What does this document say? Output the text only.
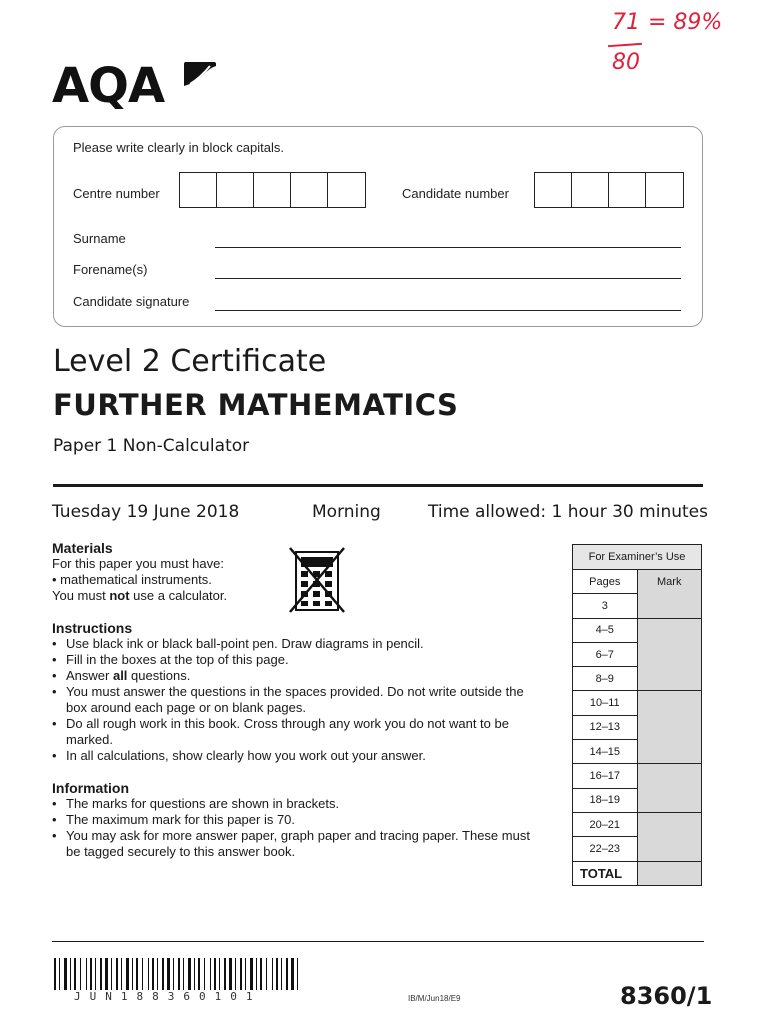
71 = 89%
80
AQA
Please write clearly in block capitals.
Centre number	Candidate number
Surname
Forename(s)
Candidate signature
Level 2 Certificate
FURTHER MATHEMATICS
Paper 1 Non-Calculator
Tuesday 19 June 2018	Morning	Time allowed: 1 hour 30 minutes
Materials
For this paper you must have:
• mathematical instruments.
You must not use a calculator.
Instructions
• Use black ink or black ball-point pen. Draw diagrams in pencil.
• Fill in the boxes at the top of this page.
• Answer all questions.
• You must answer the questions in the spaces provided. Do not write outside the box around each page or on blank pages.
• Do all rough work in this book. Cross through any work you do not want to be marked.
• In all calculations, show clearly how you work out your answer.
Information
• The marks for questions are shown in brackets.
• The maximum mark for this paper is 70.
• You may ask for more answer paper, graph paper and tracing paper. These must be tagged securely to this answer book.
For Examiner’s Use	
Pages	Mark
3	
4–5	
6–7	
8–9	
10–11	
12–13	
14–15	
16–17	
18–19	
20–21	
22–23	
TOTAL	
JUN188360101	IB/M/Jun18/E9	8360/1
